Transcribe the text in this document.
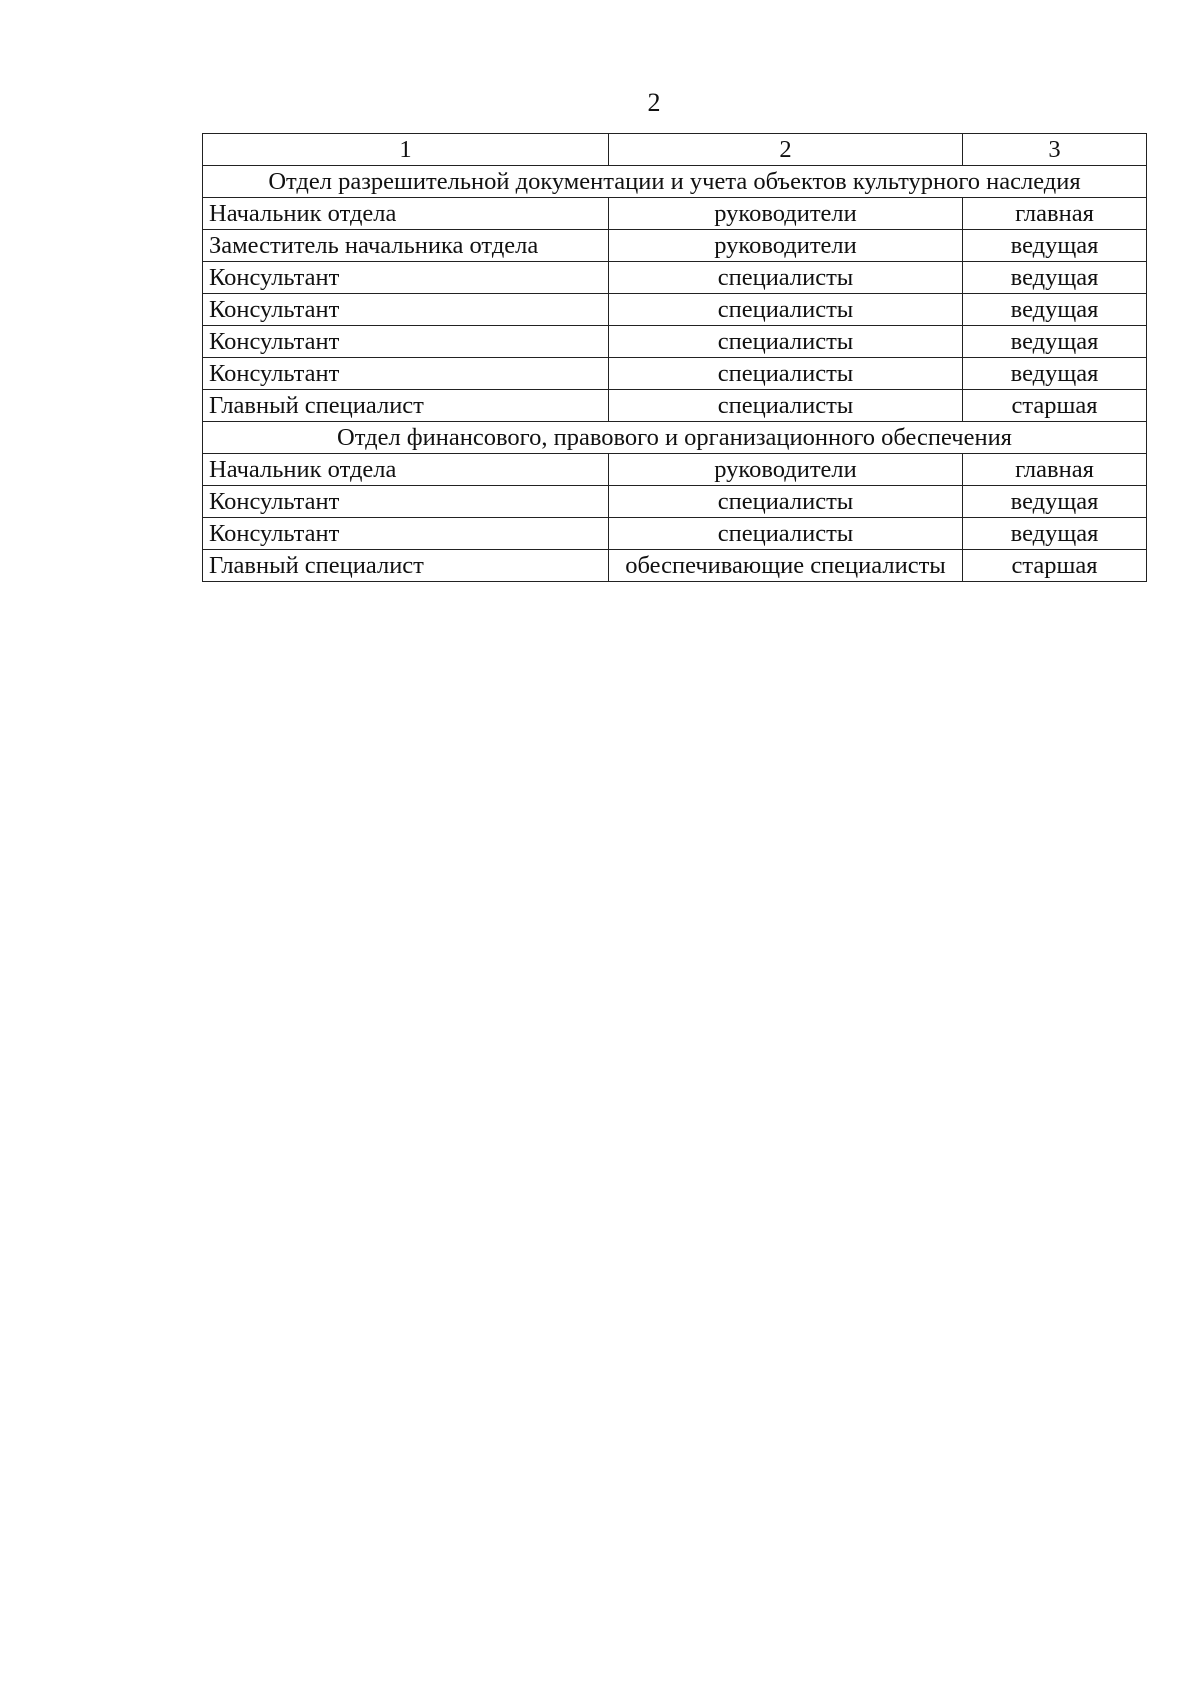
2
1	2	3
Отдел разрешительной документации и учета объектов культурного наследия		
Начальник отдела	руководители	главная
Заместитель начальника отдела	руководители	ведущая
Консультант	специалисты	ведущая
Консультант	специалисты	ведущая
Консультант	специалисты	ведущая
Консультант	специалисты	ведущая
Главный специалист	специалисты	старшая
Отдел финансового, правового и организационного обеспечения		
Начальник отдела	руководители	главная
Консультант	специалисты	ведущая
Консультант	специалисты	ведущая
Главный специалист	обеспечивающие специалисты	старшая
